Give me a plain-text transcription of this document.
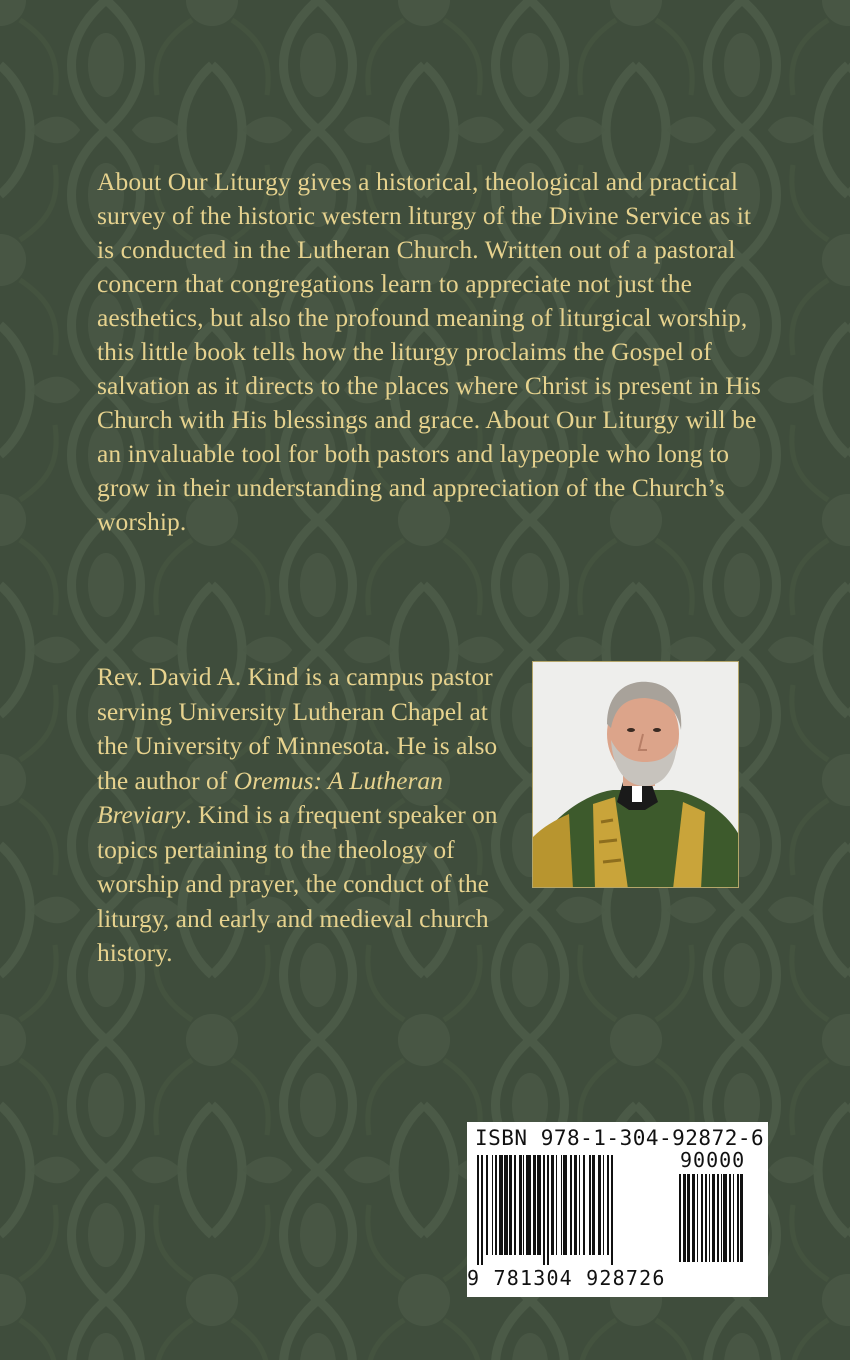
About Our Liturgy gives a historical, theological and practical survey of the historic western liturgy of the Divine Service as it is conducted in the Lutheran Church. Written out of a pastoral concern that congregations learn to appreciate not just the aesthetics, but also the profound meaning of liturgical worship, this little book tells how the liturgy proclaims the Gospel of salvation as it directs to the places where Christ is present in His Church with His blessings and grace. About Our Liturgy will be an invaluable tool for both pastors and laypeople who long to grow in their understanding and appreciation of the Church’s worship.

Rev. David A. Kind is a campus pastor serving University Lutheran Chapel at the University of Minnesota. He is also the author of Oremus: A Lutheran Breviary. Kind is a frequent speaker on topics pertaining to the theology of worship and prayer, the conduct of the liturgy, and early and medieval church history.

ISBN 978-1-304-92872-6

90000

9 781304 928726
